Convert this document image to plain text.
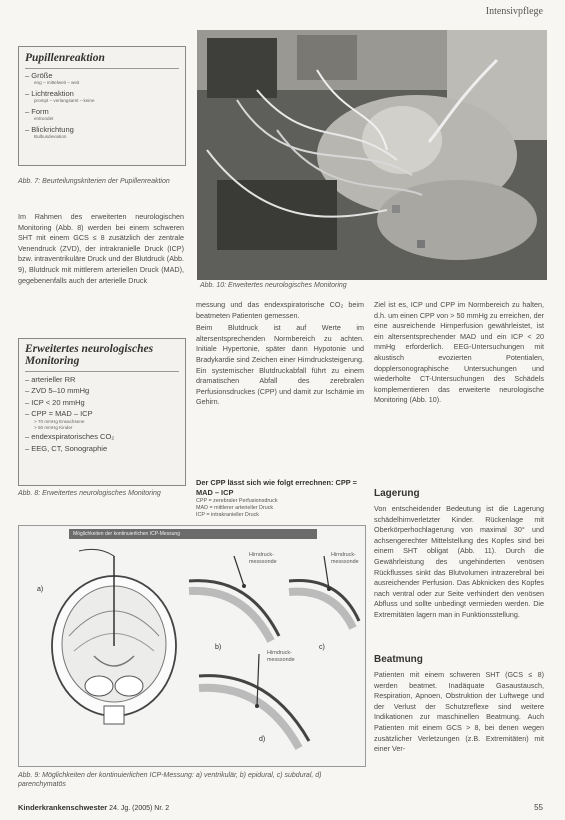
Intensivpflege
Pupillenreaktion
– Größe
eng – mittelweit – weit
– Lichtreaktion
prompt – verlangsamt – keine
– Form
entrundet
– Blickrichtung
Bulbusdeviation
Abb. 7: Beurteilungskriterien der Pupillenreaktion
Im Rahmen des erweiterten neurologischen Monitoring (Abb. 8) werden bei einem schweren SHT mit einem GCS ≤ 8 zusätzlich der zentrale Venendruck (ZVD), der intrakranielle Druck (ICP) bzw. intraventrikuläre Druck und der Blutdruck (Abb. 9), Blutdruck mit mittlerem arteriellen Druck (MAD), gegebenenfalls auch der arterielle Druck
Abb. 10: Erweitertes neurologisches Monitoring
Erweitertes neurologisches Monitoring
– arterieller RR
– ZVD 5–10 mmHg
– ICP < 20 mmHg
– CPP = MAD – ICP
> 70 mmHg Erwachsene
> 50 mmHg Kinder
– endexspiratorisches CO₂
– EEG, CT, Sonographie
Abb. 8: Erweitertes neurologisches Monitoring

messung und das endexspiratorische CO₂ beim beatmeten Patienten gemessen.

Beim Blutdruck ist auf Werte im altersentsprechenden Normbereich zu achten. Initiale Hypertonie, später dann Hypotonie und Bradykardie sind Zeichen einer Hirndrucksteigerung. Ein systemischer Blutdruckabfall führt zu einem dramatischen Abfall des zerebralen Perfusionsdruckes (CPP) und damit zur Ischämie im Gehirn.

Der CPP lässt sich wie folgt errechnen: CPP = MAD – ICP
CPP = zerebraler Perfusionsdruck
MAD = mittlerer arterieller Druck
ICP = intrakranieller Druck
Ziel ist es, ICP und CPP im Normbereich zu halten, d.h. um einen CPP von > 50 mmHg zu erreichen, der eine ausreichende Hirnperfusion gewährleistet, ist ein altersentsprechender MAD und ein ICP < 20 mmHg erforderlich. EEG-Untersuchungen mit akustisch evozierten Potentialen, dopplersonographische Untersuchungen und wiederholte CT-Untersuchungen des Schädels komplementieren das erweiterte neurologische Monitoring (Abb. 10).
Lagerung
Von entscheidender Bedeutung ist die Lagerung schädelhirnverletzter Kinder. Rückenlage mit Oberkörperhochlagerung von maximal 30° und achsengerechter Mittelstellung des Kopfes sind bei einem SHT obligat (Abb. 11). Durch die Gewährleistung des ungehinderten venösen Rückflusses sinkt das Blutvolumen intrazerebral bei ausreichender Perfusion. Das Abknicken des Kopfes nach ventral oder zur Seite verhindert den venösen Abfluss und sollte unbedingt vermieden werden. Die Extremitäten lagern man in Funktionsstellung.
Beatmung
Patienten mit einem schweren SHT (GCS ≤ 8) werden beatmet. Inadäquate Gasaustausch, Respiration, Apnoen, Obstruktion der Luftwege und der Verlust der Schutzreflexe sind weitere Indikationen zur maschinellen Beatmung. Auch Patienten mit einem GCS > 8, bei denen wegen zusätzlicher Verletzungen (z.B. Extremitäten) mit einer Ver-
Möglichkeiten der kontinuierlichen ICP-Messung
Hirndruck-messsonde
Hirndruck-messsonde
Hirndruck-messsonde
a)
b)	c)
d)
Abb. 9: Möglichkeiten der kontinuierlichen ICP-Messung: a) ventrikulär, b) epidural, c) subdural, d) parenchymatös
Kinderkrankenschwester 24. Jg. (2005) Nr. 2	55
